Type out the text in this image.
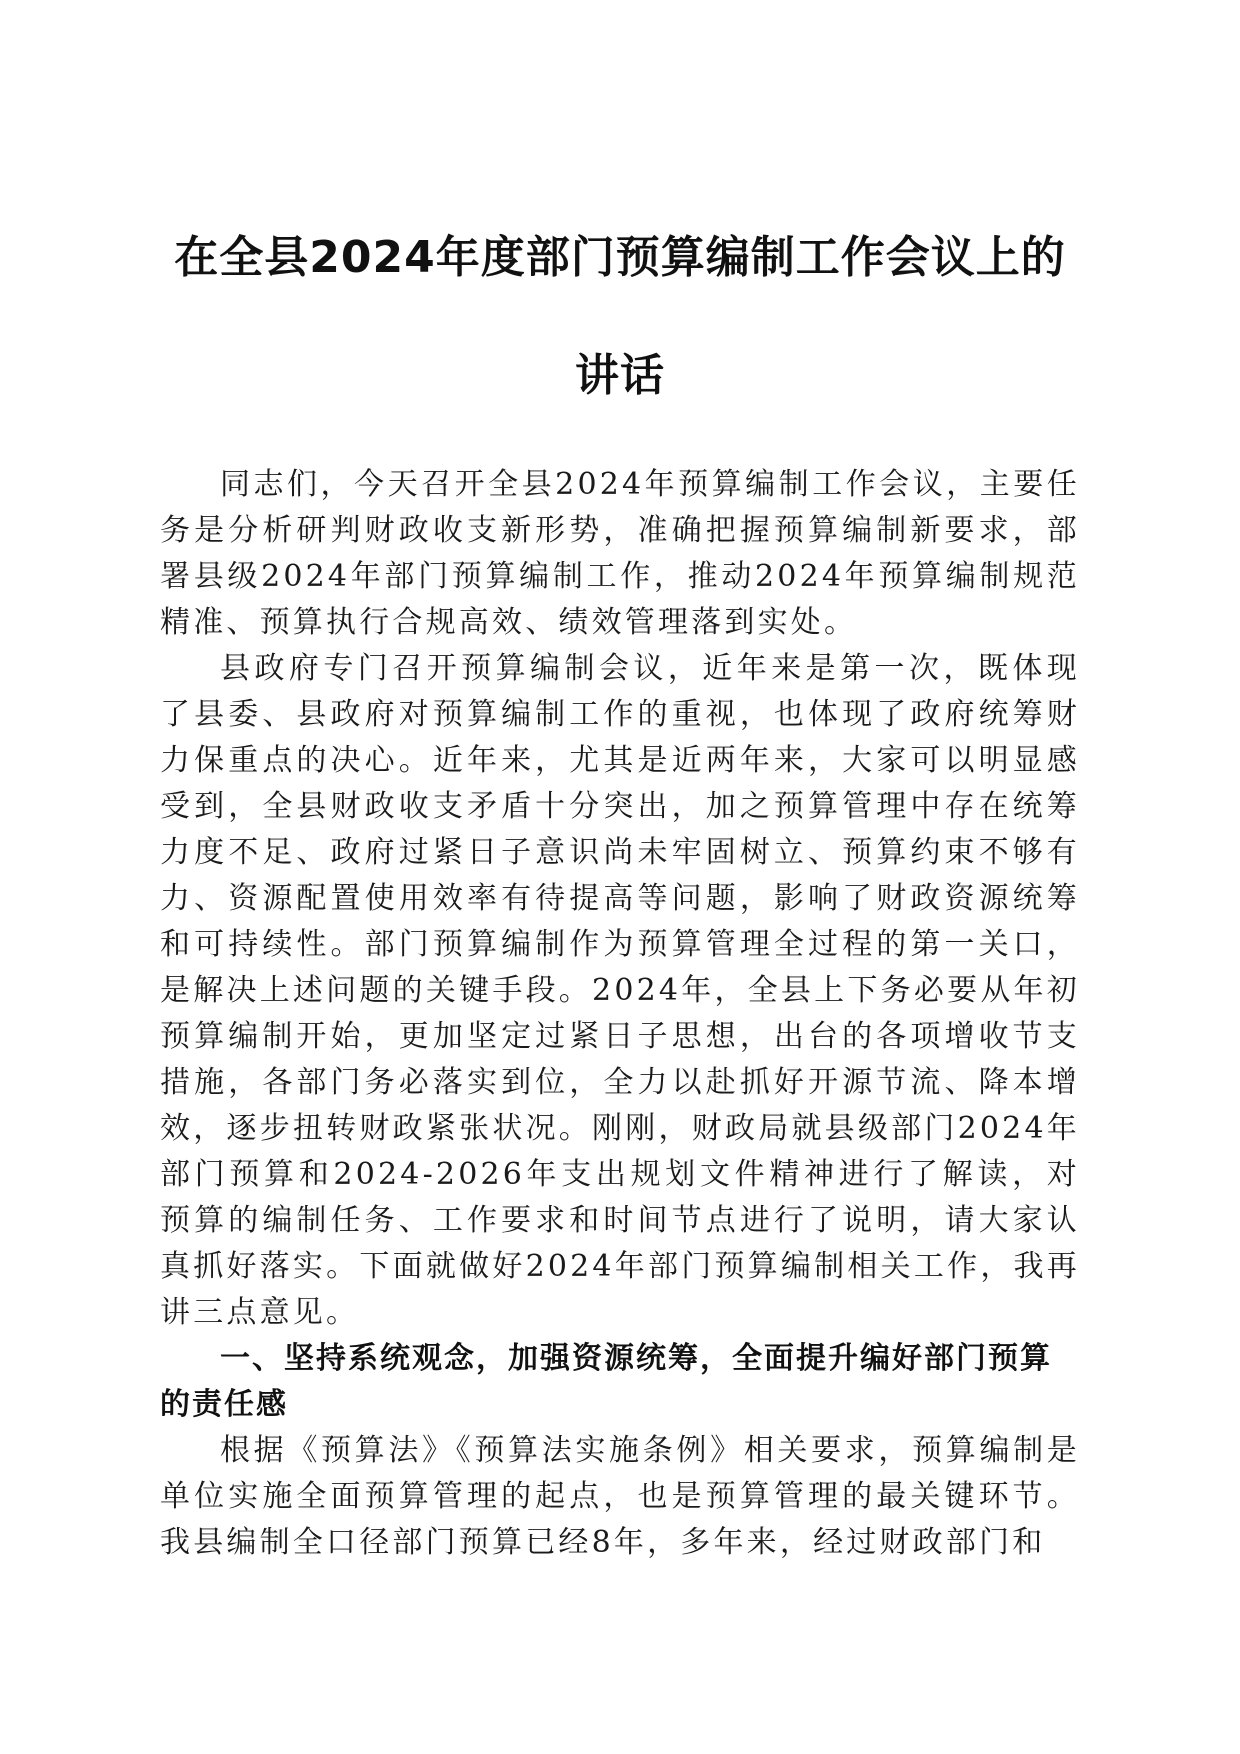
在全县2024年度部门预算编制工作会议上的
讲话

同志们，今天召开全县2024年预算编制工作会议，主要任务是分析研判财政收支新形势，准确把握预算编制新要求，部署县级2024年部门预算编制工作，推动2024年预算编制规范精准、预算执行合规高效、绩效管理落到实处。

县政府专门召开预算编制会议，近年来是第一次，既体现了县委、县政府对预算编制工作的重视，也体现了政府统筹财力保重点的决心。近年来，尤其是近两年来，大家可以明显感受到，全县财政收支矛盾十分突出，加之预算管理中存在统筹力度不足、政府过紧日子意识尚未牢固树立、预算约束不够有力、资源配置使用效率有待提高等问题，影响了财政资源统筹和可持续性。部门预算编制作为预算管理全过程的第一关口，是解决上述问题的关键手段。2024年，全县上下务必要从年初预算编制开始，更加坚定过紧日子思想，出台的各项增收节支措施，各部门务必落实到位，全力以赴抓好开源节流、降本增效，逐步扭转财政紧张状况。刚刚，财政局就县级部门2024年部门预算和2024-2026年支出规划文件精神进行了解读，对预算的编制任务、工作要求和时间节点进行了说明，请大家认真抓好落实。下面就做好2024年部门预算编制相关工作，我再讲三点意见。

一、坚持系统观念，加强资源统筹，全面提升编好部门预算的责任感

根据《预算法》《预算法实施条例》相关要求，预算编制是单位实施全面预算管理的起点，也是预算管理的最关键环节。我县编制全口径部门预算已经8年，多年来，经过财政部门和
